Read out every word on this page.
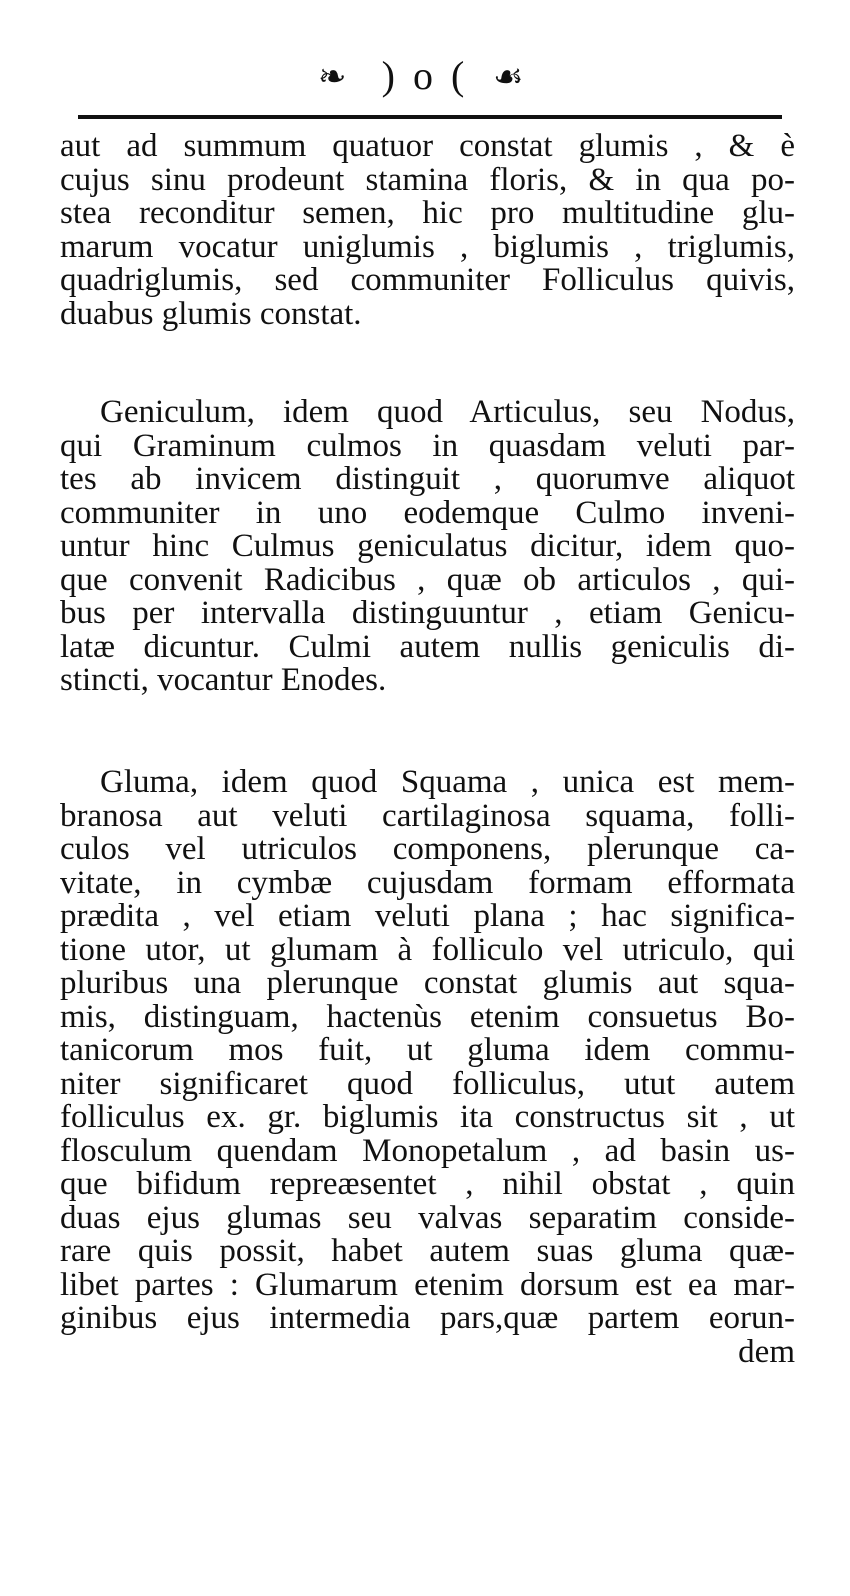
❧ ) o ( ☙
aut ad summum quatuor constat glumis , & è
cujus sinu prodeunt stamina floris, & in qua po-
stea reconditur semen, hic pro multitudine glu-
marum vocatur uniglumis , biglumis , triglumis,
quadriglumis, sed communiter Folliculus quivis,
duabus glumis constat.
Geniculum, idem quod Articulus, seu Nodus,
qui Graminum culmos in quasdam veluti par-
tes ab invicem distinguit , quorumve aliquot
communiter in uno eodemque Culmo inveni-
untur hinc Culmus geniculatus dicitur, idem quo-
que convenit Radicibus , quæ ob articulos , qui-
bus per intervalla distinguuntur , etiam Genicu-
latæ dicuntur. Culmi autem nullis geniculis di-
stincti, vocantur Enodes.
Gluma, idem quod Squama , unica est mem-
branosa aut veluti cartilaginosa squama, folli-
culos vel utriculos componens, plerunque ca-
vitate, in cymbæ cujusdam formam efformata
prædita , vel etiam veluti plana ; hac significa-
tione utor, ut glumam à folliculo vel utriculo, qui
pluribus una plerunque constat glumis aut squa-
mis, distinguam, hactenùs etenim consuetus Bo-
tanicorum mos fuit, ut gluma idem commu-
niter significaret quod folliculus, utut autem
folliculus ex. gr. biglumis ita constructus sit , ut
flosculum quendam Monopetalum , ad basin us-
que bifidum repreæsentet , nihil obstat , quin
duas ejus glumas seu valvas separatim conside-
rare quis possit, habet autem suas gluma quæ-
libet partes : Glumarum etenim dorsum est ea mar-
ginibus ejus intermedia pars,quæ partem eorun-
dem
